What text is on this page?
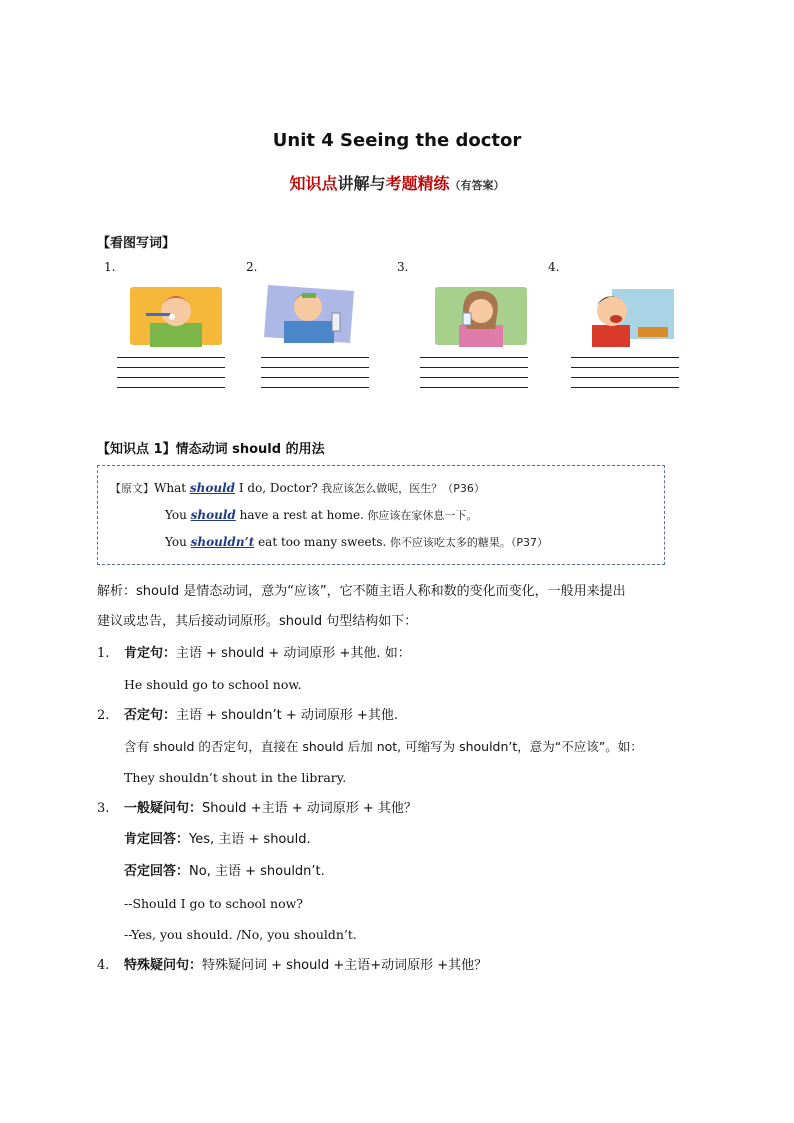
Unit 4 Seeing the doctor
知识点讲解与考题精练（有答案）
【看图写词】
1.	2.	3.	4.
【知识点 1】情态动词 should 的用法
【原文】What should I do, Doctor? 我应该怎么做呢，医生？（P36）
You should have a rest at home. 你应该在家休息一下。
You shouldn’t eat too many sweets. 你不应该吃太多的糖果。（P37）
解析：should 是情态动词，意为“应该”，它不随主语人称和数的变化而变化，一般用来提出
建议或忠告，其后接动词原形。should 句型结构如下：
1. 肯定句：主语 + should + 动词原形 +其他. 如：
He should go to school now.
2. 否定句：主语 + shouldn’t + 动词原形 +其他.
含有 should 的否定句，直接在 should 后加 not, 可缩写为 shouldn’t，意为“不应该”。如：
They shouldn’t shout in the library.
3. 一般疑问句：Should +主语 + 动词原形 + 其他？
肯定回答：Yes, 主语 + should.
否定回答：No, 主语 + shouldn’t.
--Should I go to school now?
--Yes, you should. /No, you shouldn’t.
4. 特殊疑问句：特殊疑问词 + should +主语+动词原形 +其他？
